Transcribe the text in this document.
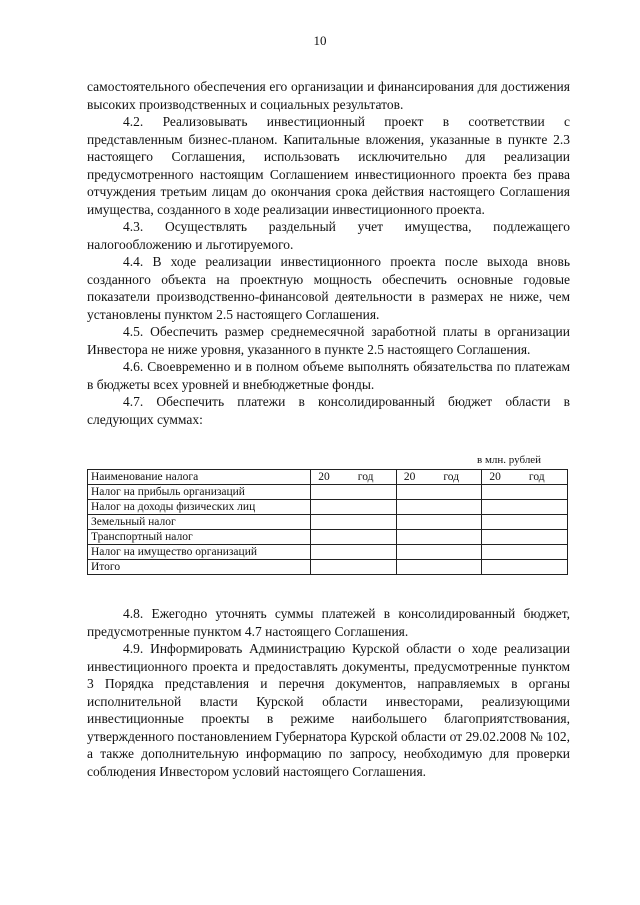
10

самостоятельного обеспечения его организации и финансирования для достижения высоких производственных и социальных результатов.

4.2. Реализовывать инвестиционный проект в соответствии с представленным бизнес-планом. Капитальные вложения, указанные в пункте 2.3 настоящего Соглашения, использовать исключительно для реализации предусмотренного настоящим Соглашением инвестиционного проекта без права отчуждения третьим лицам до окончания срока действия настоящего Соглашения имущества, созданного в ходе реализации инвестиционного проекта.

4.3. Осуществлять раздельный учет имущества, подлежащего налогообложению и льготируемого.

4.4. В ходе реализации инвестиционного проекта после выхода вновь созданного объекта на проектную мощность обеспечить основные годовые показатели производственно-финансовой деятельности в размерах не ниже, чем установлены пунктом 2.5 настоящего Соглашения.

4.5. Обеспечить размер среднемесячной заработной платы в организации Инвестора не ниже уровня, указанного в пункте 2.5 настоящего Соглашения.

4.6. Своевременно и в полном объеме выполнять обязательства по платежам в бюджеты всех уровней и внебюджетные фонды.

4.7. Обеспечить платежи в консолидированный бюджет области в следующих суммах:

в млн. рублей
Наименование налога	20 год	20 год	20 год
Налог на прибыль организаций			
Налог на доходы физических лиц			
Земельный налог			
Транспортный налог			
Налог на имущество организаций			
Итого			

4.8. Ежегодно уточнять суммы платежей в консолидированный бюджет, предусмотренные пунктом 4.7 настоящего Соглашения.

4.9. Информировать Администрацию Курской области о ходе реализации инвестиционного проекта и предоставлять документы, предусмотренные пунктом 3 Порядка представления и перечня документов, направляемых в органы исполнительной власти Курской области инвесторами, реализующими инвестиционные проекты в режиме наибольшего благоприятствования, утвержденного постановлением Губернатора Курской области от 29.02.2008 № 102, а также дополнительную информацию по запросу, необходимую для проверки соблюдения Инвестором условий настоящего Соглашения.
